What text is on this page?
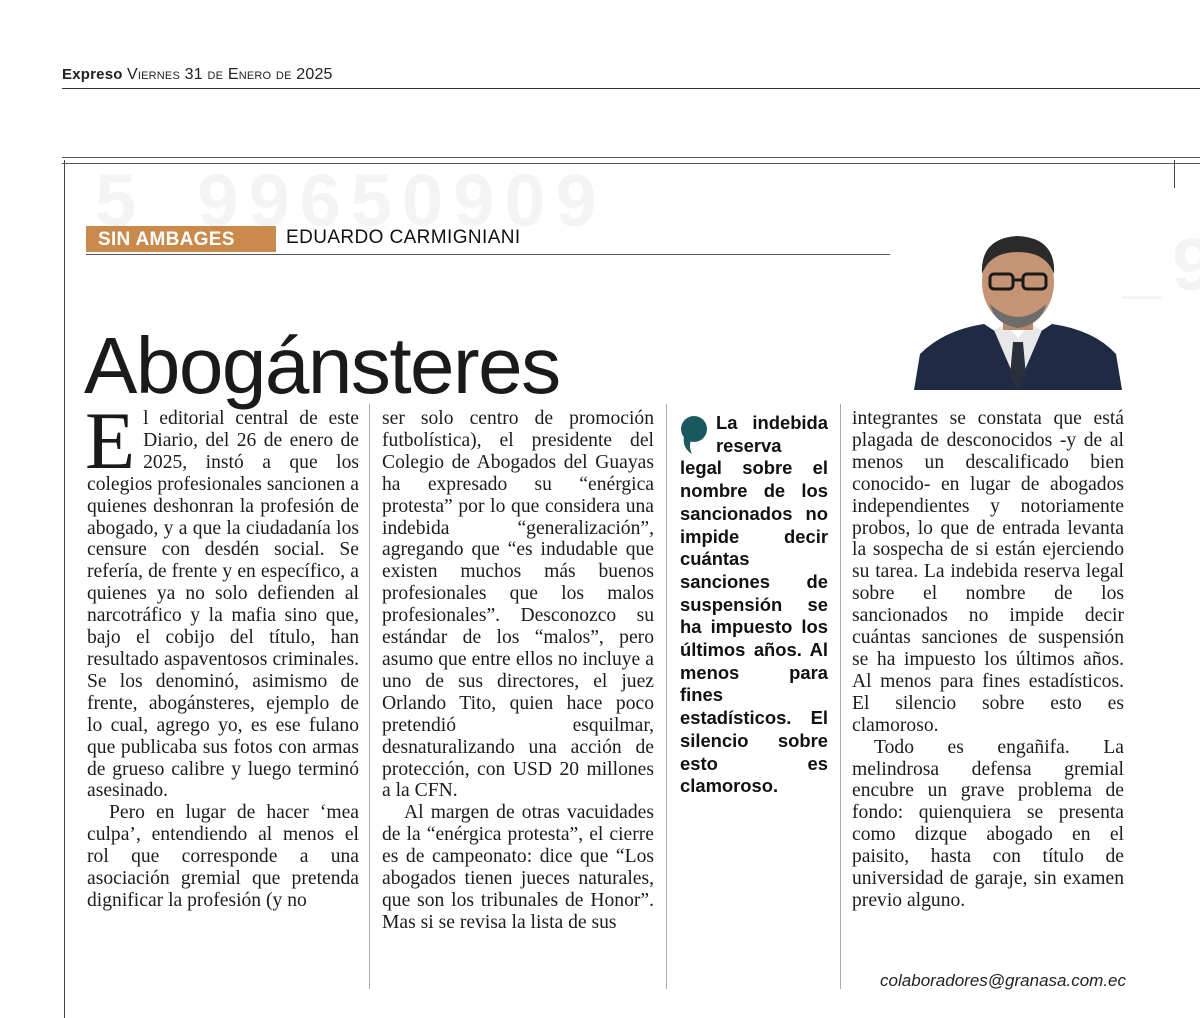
Expreso Viernes 31 de Enero de 2025
SIN AMBAGES	EDUARDO CARMIGNIANI
Abogánsteres

El editorial central de este Diario, del 26 de enero de 2025, instó a que los colegios profesionales sancionen a quienes deshonran la profesión de abogado, y a que la ciudadanía los censure con desdén social. Se refería, de frente y en específico, a quienes ya no solo defienden al narcotráfico y la mafia sino que, bajo el cobijo del título, han resultado aspaventosos criminales. Se los denominó, asimismo de frente, abogánsteres, ejemplo de lo cual, agrego yo, es ese fulano que publicaba sus fotos con armas de grueso calibre y luego terminó asesinado.

Pero en lugar de hacer ‘mea culpa’, entendiendo al menos el rol que corresponde a una asociación gremial que pretenda dignificar la profesión (y no

ser solo centro de promoción futbolística), el presidente del Colegio de Abogados del Guayas ha expresado su “enérgica protesta” por lo que considera una indebida “generalización”, agregando que “es indudable que existen muchos más buenos profesionales que los malos profesionales”. Desconozco su estándar de los “malos”, pero asumo que entre ellos no incluye a uno de sus directores, el juez Orlando Tito, quien hace poco pretendió esquilmar, desnaturalizando una acción de protección, con USD 20 millones a la CFN.

Al margen de otras vacuidades de la “enérgica protesta”, el cierre es de campeonato: dice que “Los abogados tienen jueces naturales, que son los tribunales de Honor”. Mas si se revisa la lista de sus

La indebida reserva legal sobre el nombre de los sancionados no impide decir cuántas sanciones de suspensión se ha impuesto los últimos años. Al menos para fines estadísticos. El silencio sobre esto es clamoroso.

integrantes se constata que está plagada de desconocidos -y de al menos un descalificado bien conocido- en lugar de abogados independientes y notoriamente probos, lo que de entrada levanta la sospecha de si están ejerciendo su tarea. La indebida reserva legal sobre el nombre de los sancionados no impide decir cuántas sanciones de suspensión se ha impuesto los últimos años. Al menos para fines estadísticos. El silencio sobre esto es clamoroso.

Todo es engañifa. La melindrosa defensa gremial encubre un grave problema de fondo: quienquiera se presenta como dizque abogado en el paisito, hasta con título de universidad de garaje, sin examen previo alguno.

colaboradores@granasa.com.ec
